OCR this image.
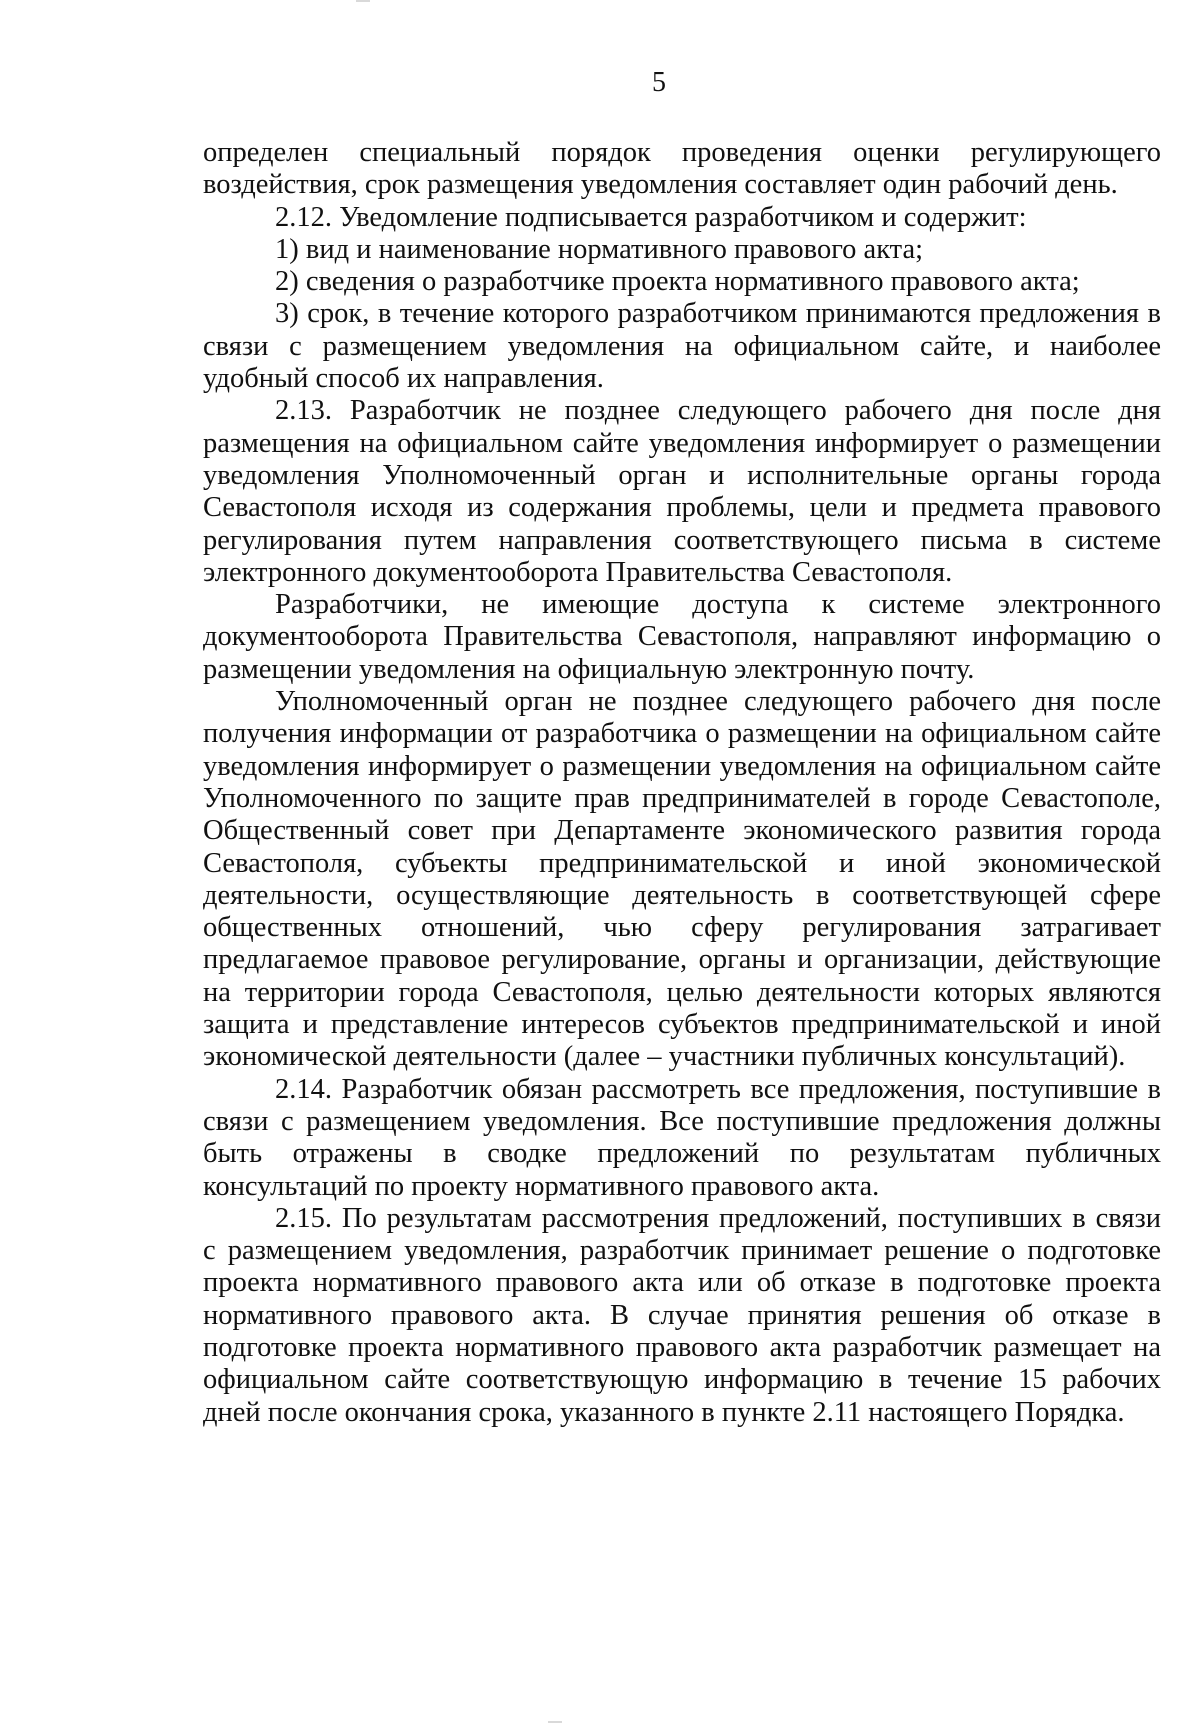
5

определен специальный порядок проведения оценки регулирующего воздействия, срок размещения уведомления составляет один рабочий день.

2.12. Уведомление подписывается разработчиком и содержит:

1) вид и наименование нормативного правового акта;

2) сведения о разработчике проекта нормативного правового акта;

3) срок, в течение которого разработчиком принимаются предложения в связи с размещением уведомления на официальном сайте, и наиболее удобный способ их направления.

2.13. Разработчик не позднее следующего рабочего дня после дня размещения на официальном сайте уведомления информирует о размещении уведомления Уполномоченный орган и исполнительные органы города Севастополя исходя из содержания проблемы, цели и предмета правового регулирования путем направления соответствующего письма в системе электронного документооборота Правительства Севастополя.

Разработчики, не имеющие доступа к системе электронного документооборота Правительства Севастополя, направляют информацию о размещении уведомления на официальную электронную почту.

Уполномоченный орган не позднее следующего рабочего дня после получения информации от разработчика о размещении на официальном сайте уведомления информирует о размещении уведомления на официальном сайте Уполномоченного по защите прав предпринимателей в городе Севастополе, Общественный совет при Департаменте экономического развития города Севастополя, субъекты предпринимательской и иной экономической деятельности, осуществляющие деятельность в соответствующей сфере общественных отношений, чью сферу регулирования затрагивает предлагаемое правовое регулирование, органы и организации, действующие на территории города Севастополя, целью деятельности которых являются защита и представление интересов субъектов предпринимательской и иной экономической деятельности (далее – участники публичных консультаций).

2.14. Разработчик обязан рассмотреть все предложения, поступившие в связи с размещением уведомления. Все поступившие предложения должны быть отражены в сводке предложений по результатам публичных консультаций по проекту нормативного правового акта.

2.15. По результатам рассмотрения предложений, поступивших в связи с размещением уведомления, разработчик принимает решение о подготовке проекта нормативного правового акта или об отказе в подготовке проекта нормативного правового акта. В случае принятия решения об отказе в подготовке проекта нормативного правового акта разработчик размещает на официальном сайте соответствующую информацию в течение 15 рабочих дней после окончания срока, указанного в пункте 2.11 настоящего Порядка.
